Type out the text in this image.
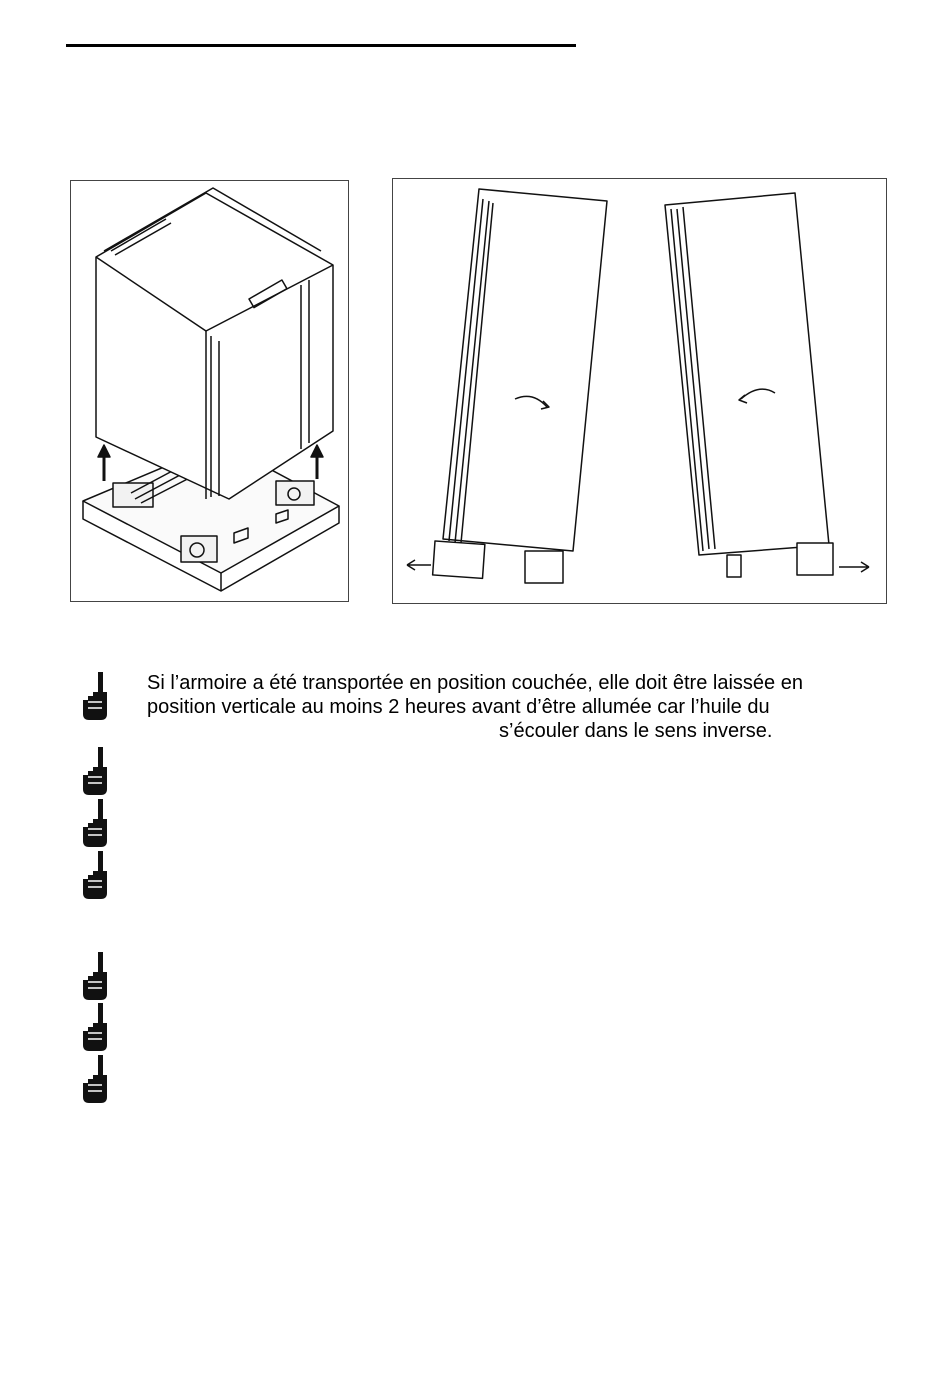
Si l’armoire a été transportée en position couchée, elle doit être laissée en
position verticale au moins 2 heures avant d’être allumée car l’huile du
s’écouler dans le sens inverse.
